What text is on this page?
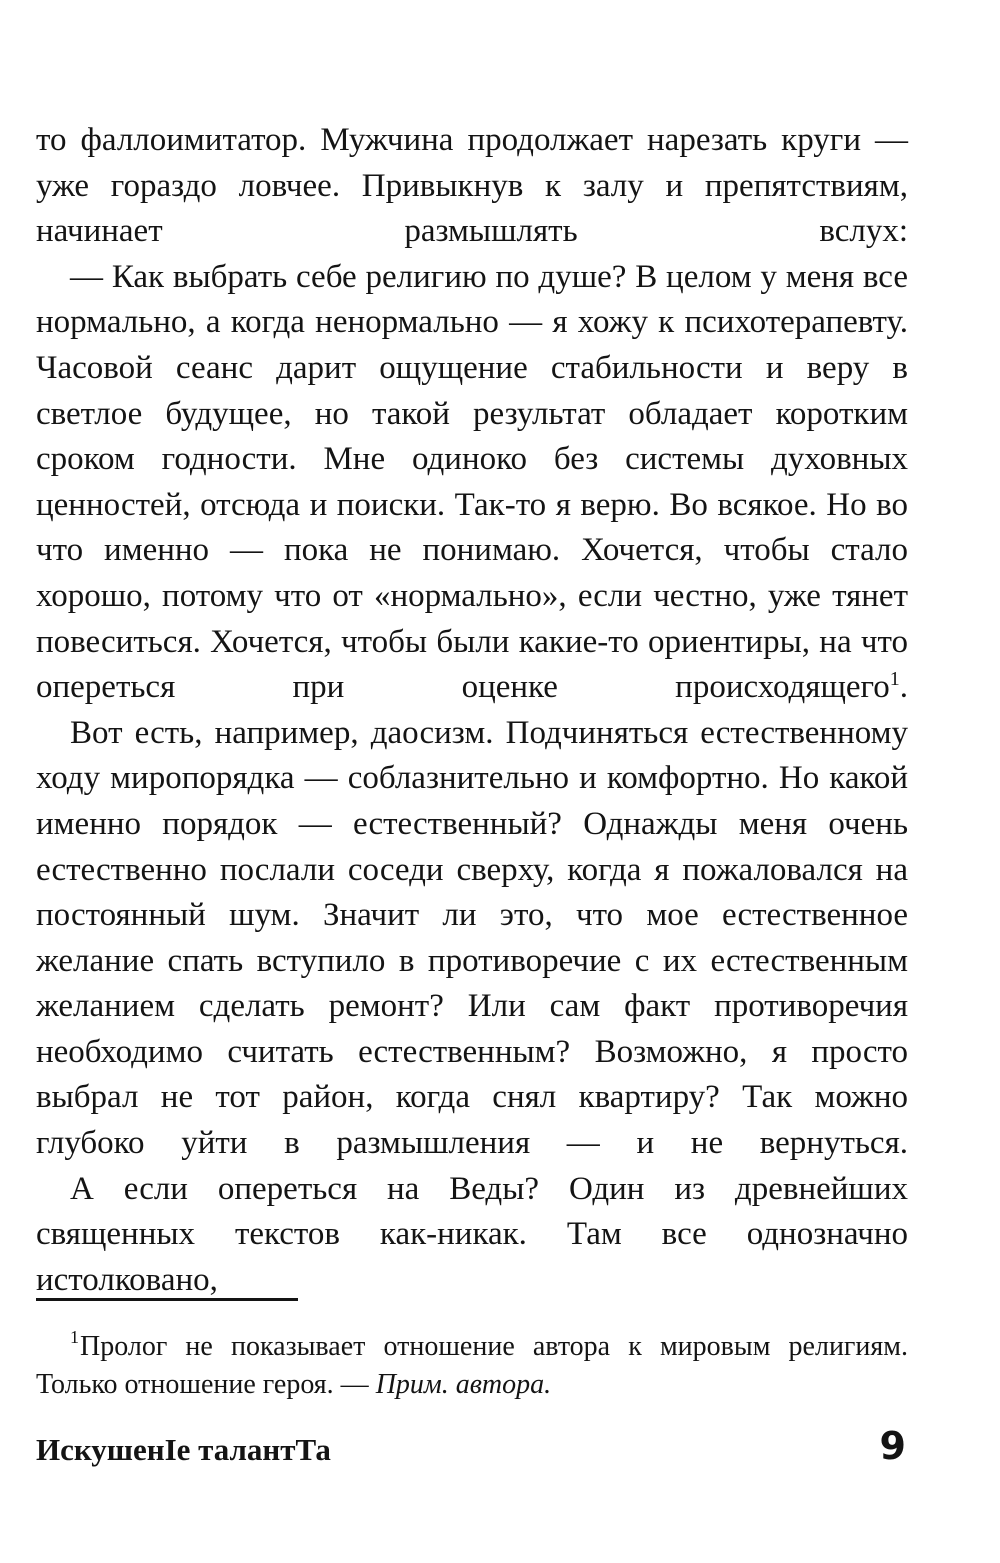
то фаллоимитатор. Мужчина продолжает нарезать круги — уже гораздо ловчее. Привыкнув к залу и препятствиям, начинает размышлять вслух:

— Как выбрать себе религию по душе? В целом у меня все нормально, а когда ненормально — я хожу к психотерапевту. Часовой сеанс дарит ощущение стабильности и веру в светлое будущее, но такой результат обладает коротким сроком годности. Мне одиноко без системы духовных ценностей, отсюда и поиски. Так-то я верю. Во всякое. Но во что именно — пока не понимаю. Хочется, чтобы стало хорошо, потому что от «нормально», если честно, уже тянет повеситься. Хочется, чтобы были какие-то ориентиры, на что опереться при оценке происходящего$^1$.

Вот есть, например, даосизм. Подчиняться естественному ходу миропорядка — соблазнительно и комфортно. Но какой именно порядок — естественный? Однажды меня очень естественно послали соседи сверху, когда я пожаловался на постоянный шум. Значит ли это, что мое естественное желание спать вступило в противоречие с их естественным желанием сделать ремонт? Или сам факт противоречия необходимо считать естественным? Возможно, я просто выбрал не тот район, когда снял квартиру? Так можно глубоко уйти в размышления — и не вернуться.

А если опереться на Веды? Один из древнейших священных текстов как-никак. Там все однозначно истолковано,

1Пролог не показывает отношение автора к мировым религиям. Только отношение героя. — Прим. автора.

ИскушенIе талантТа	9
